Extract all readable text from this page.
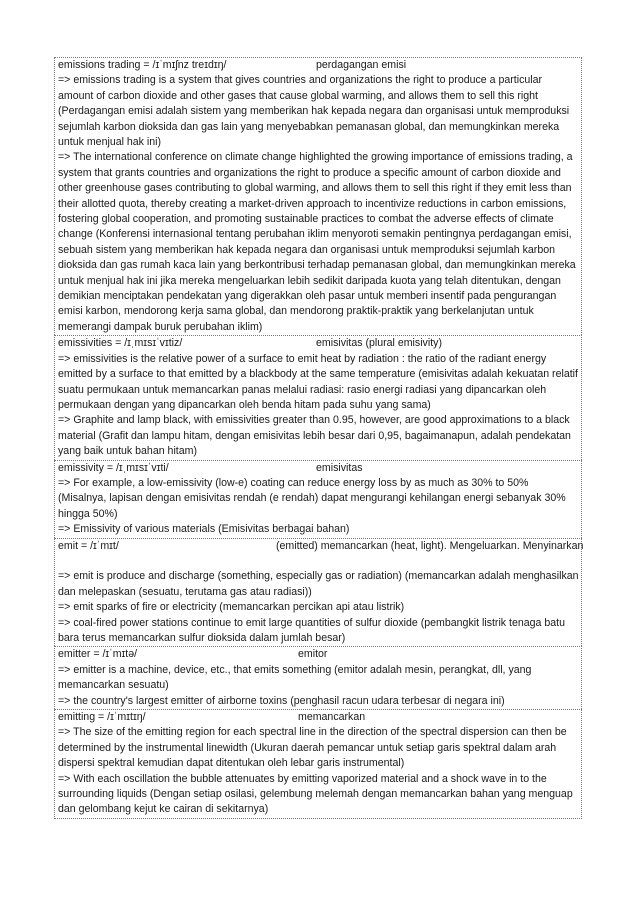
emissions trading = /ɪˈmɪʃnz treɪdɪŋ/	perdagangan emisi

=> emissions trading is a system that gives countries and organizations the right to produce a particular amount of carbon dioxide and other gases that cause global warming, and allows them to sell this right (Perdagangan emisi adalah sistem yang memberikan hak kepada negara dan organisasi untuk memproduksi sejumlah karbon dioksida dan gas lain yang menyebabkan pemanasan global, dan memungkinkan mereka untuk menjual hak ini)

=> The international conference on climate change highlighted the growing importance of emissions trading, a system that grants countries and organizations the right to produce a specific amount of carbon dioxide and other greenhouse gases contributing to global warming, and allows them to sell this right if they emit less than their allotted quota, thereby creating a market-driven approach to incentivize reductions in carbon emissions, fostering global cooperation, and promoting sustainable practices to combat the adverse effects of climate change (Konferensi internasional tentang perubahan iklim menyoroti semakin pentingnya perdagangan emisi, sebuah sistem yang memberikan hak kepada negara dan organisasi untuk memproduksi sejumlah karbon dioksida dan gas rumah kaca lain yang berkontribusi terhadap pemanasan global, dan memungkinkan mereka untuk menjual hak ini jika mereka mengeluarkan lebih sedikit daripada kuota yang telah ditentukan, dengan demikian menciptakan pendekatan yang digerakkan oleh pasar untuk memberi insentif pada pengurangan emisi karbon, mendorong kerja sama global, dan mendorong praktik-praktik yang berkelanjutan untuk memerangi dampak buruk perubahan iklim)

emissivities = /ɪˌmɪsɪˈvɪtiz/	emisivitas (plural emisivity)

=> emissivities is the relative power of a surface to emit heat by radiation : the ratio of the radiant energy emitted by a surface to that emitted by a blackbody at the same temperature (emisivitas adalah kekuatan relatif suatu permukaan untuk memancarkan panas melalui radiasi: rasio energi radiasi yang dipancarkan oleh permukaan dengan yang dipancarkan oleh benda hitam pada suhu yang sama)

=> Graphite and lamp black, with emissivities greater than 0.95, however, are good approximations to a black material (Grafit dan lampu hitam, dengan emisivitas lebih besar dari 0,95, bagaimanapun, adalah pendekatan yang baik untuk bahan hitam)

emissivity = /ɪˌmɪsɪˈvɪti/	emisivitas

=> For example, a low-emissivity (low-e) coating can reduce energy loss by as much as 30% to 50% (Misalnya, lapisan dengan emisivitas rendah (e rendah) dapat mengurangi kehilangan energi sebanyak 30% hingga 50%)

=> Emissivity of various materials (Emisivitas berbagai bahan)

emit = /ɪˈmɪt/	(emitted) memancarkan (heat, light). Mengeluarkan. Menyinarkan

=> emit is produce and discharge (something, especially gas or radiation) (memancarkan adalah menghasilkan dan melepaskan (sesuatu, terutama gas atau radiasi))

=> emit sparks of fire or electricity (memancarkan percikan api atau listrik)

=> coal-fired power stations continue to emit large quantities of sulfur dioxide (pembangkit listrik tenaga batu bara terus memancarkan sulfur dioksida dalam jumlah besar)

emitter = /ɪˈmɪtə/	emitor

=> emitter is a machine, device, etc., that emits something (emitor adalah mesin, perangkat, dll, yang memancarkan sesuatu)

=> the country's largest emitter of airborne toxins (penghasil racun udara terbesar di negara ini)

emitting = /ɪˈmɪtɪŋ/	memancarkan

=> The size of the emitting region for each spectral line in the direction of the spectral dispersion can then be determined by the instrumental linewidth (Ukuran daerah pemancar untuk setiap garis spektral dalam arah dispersi spektral kemudian dapat ditentukan oleh lebar garis instrumental)

=> With each oscillation the bubble attenuates by emitting vaporized material and a shock wave in to the surrounding liquids (Dengan setiap osilasi, gelembung melemah dengan memancarkan bahan yang menguap dan gelombang kejut ke cairan di sekitarnya)
